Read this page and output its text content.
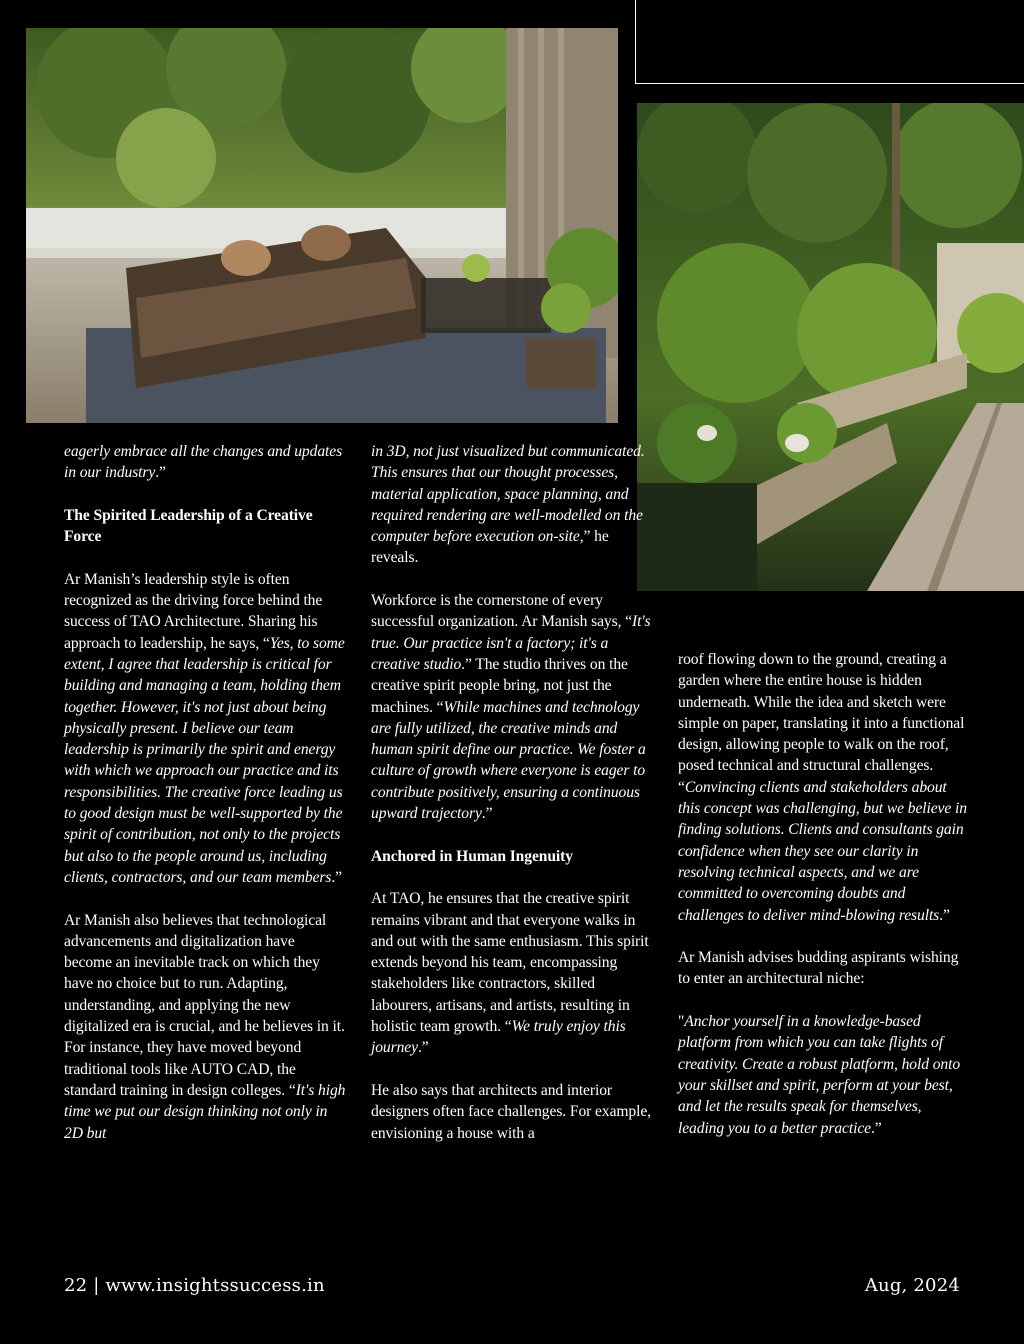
eagerly embrace all the changes and updates in our industry.”

The Spirited Leadership of a Creative Force

Ar Manish’s leadership style is often recognized as the driving force behind the success of TAO Architecture. Sharing his approach to leadership, he says, “Yes, to some extent, I agree that leadership is critical for building and managing a team, holding them together. However, it's not just about being physically present. I believe our team leadership is primarily the spirit and energy with which we approach our practice and its responsibilities. The creative force leading us to good design must be well-supported by the spirit of contribution, not only to the projects but also to the people around us, including clients, contractors, and our team members.”

Ar Manish also believes that technological advancements and digitalization have become an inevitable track on which they have no choice but to run. Adapting, understanding, and applying the new digitalized era is crucial, and he believes in it. For instance, they have moved beyond traditional tools like AUTO CAD, the standard training in design colleges. “It's high time we put our design thinking not only in 2D but

in 3D, not just visualized but communicated. This ensures that our thought processes, material application, space planning, and required rendering are well-modelled on the computer before execution on-site,” he reveals.

Workforce is the cornerstone of every successful organization. Ar Manish says, “It's true. Our practice isn't a factory; it's a creative studio.” The studio thrives on the creative spirit people bring, not just the machines. “While machines and technology are fully utilized, the creative minds and human spirit define our practice. We foster a culture of growth where everyone is eager to contribute positively, ensuring a continuous upward trajectory.”

Anchored in Human Ingenuity

At TAO, he ensures that the creative spirit remains vibrant and that everyone walks in and out with the same enthusiasm. This spirit extends beyond his team, encompassing stakeholders like contractors, skilled labourers, artisans, and artists, resulting in holistic team growth. “We truly enjoy this journey.”

He also says that architects and interior designers often face challenges. For example, envisioning a house with a

roof flowing down to the ground, creating a garden where the entire house is hidden underneath. While the idea and sketch were simple on paper, translating it into a functional design, allowing people to walk on the roof, posed technical and structural challenges. “Convincing clients and stakeholders about this concept was challenging, but we believe in finding solutions. Clients and consultants gain confidence when they see our clarity in resolving technical aspects, and we are committed to overcoming doubts and challenges to deliver mind-blowing results.”

Ar Manish advises budding aspirants wishing to enter an architectural niche:

"Anchor yourself in a knowledge-based platform from which you can take flights of creativity. Create a robust platform, hold onto your skillset and spirit, perform at your best, and let the results speak for themselves, leading you to a better practice.”

22 | www.insightssuccess.in	Aug, 2024
